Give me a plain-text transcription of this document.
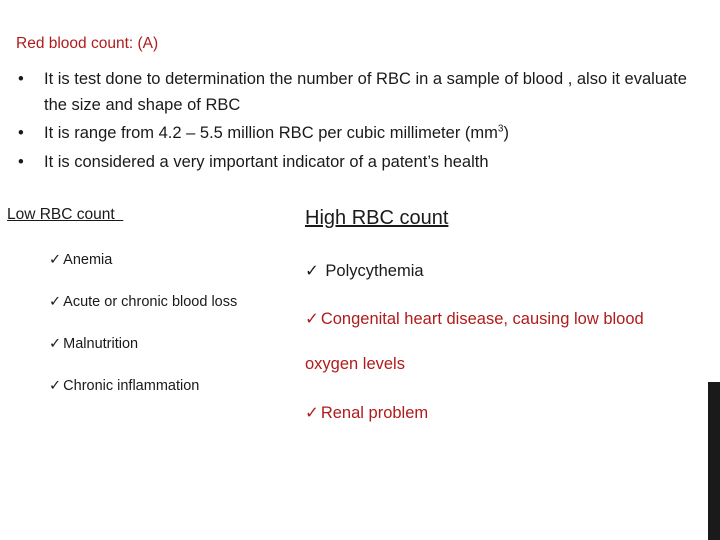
Red blood count: (A)
• It is test done to determination the number of RBC in a sample of blood , also it evaluate the size and shape of RBC
• It is range from 4.2 – 5.5 million RBC per cubic millimeter $(mm^3)$
• It is considered a very important indicator of a patent’s health
Low RBC count	High RBC count
✓ Anemia
✓ Acute or chronic blood loss
✓ Malnutrition
✓ Chronic inflammation
✓ Polycythemia
✓ Congenital heart disease, causing low blood
oxygen levels
✓ Renal problem
